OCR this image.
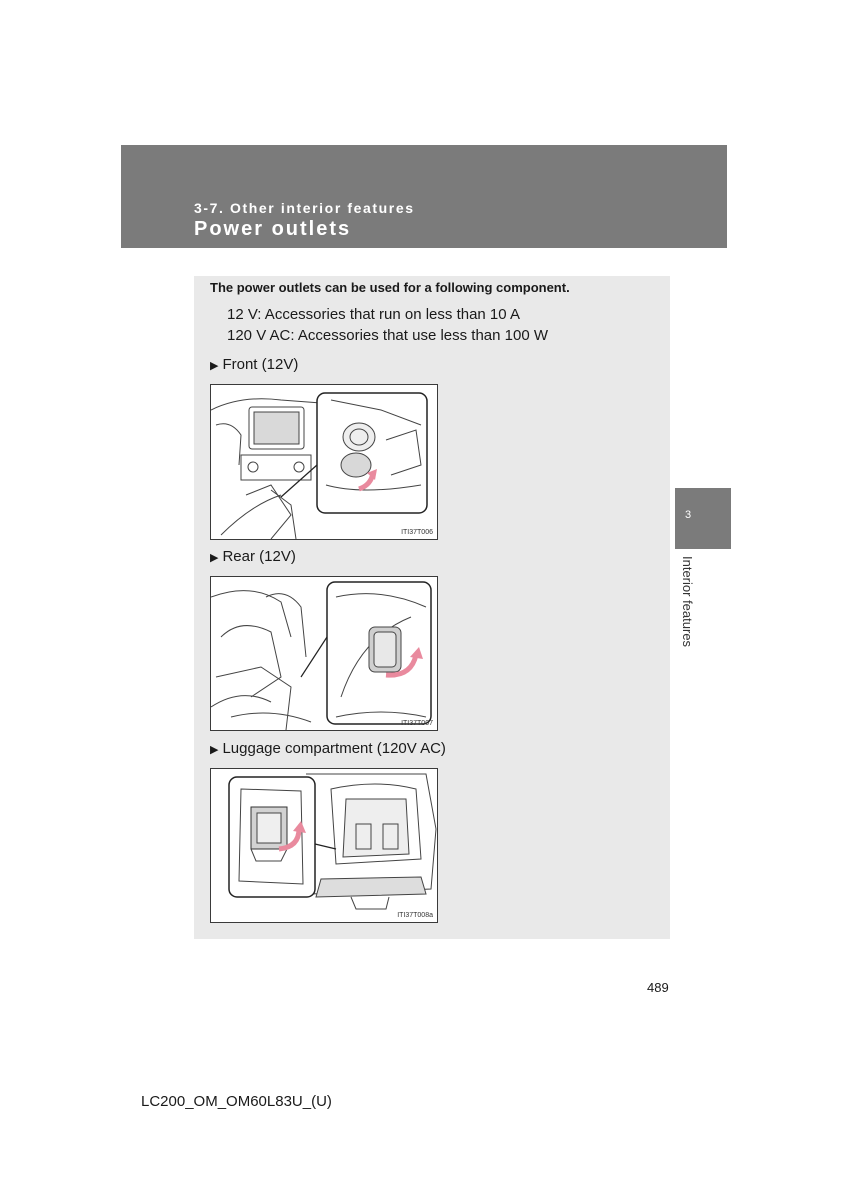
3-7. Other interior features
Power outlets
The power outlets can be used for a following component.
12 V: Accessories that run on less than 10 A
120 V AC: Accessories that use less than 100 W
▶ Front (12V)
ITI37T006
▶ Rear (12V)
ITI37T007
▶ Luggage compartment (120V AC)
ITI37T008a
3
Interior features
489
LC200_OM_OM60L83U_(U)
